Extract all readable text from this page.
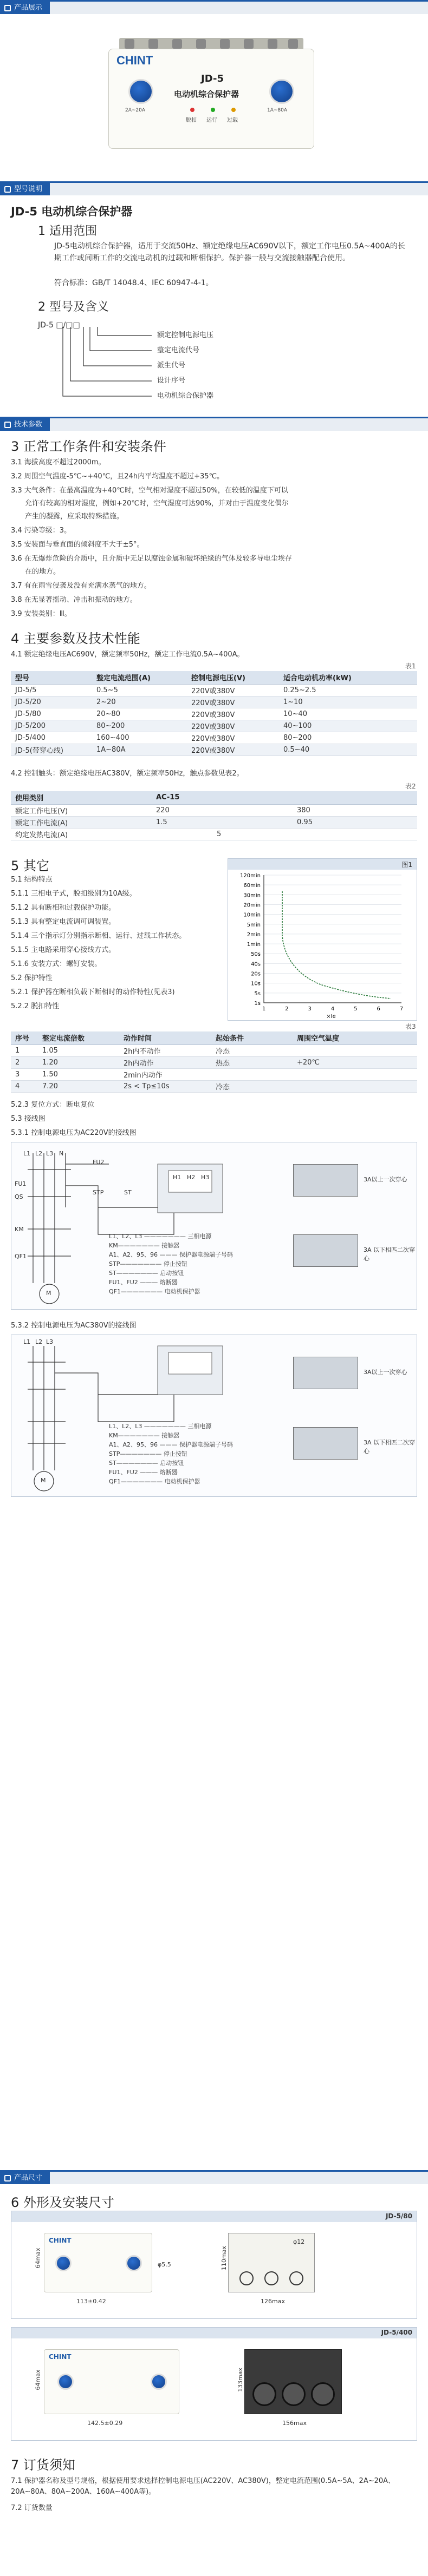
产品展示
CHINT
JD-5
电动机综合保护器
2A~20A	1A~80A
脱扣 运行 过载
型号说明
JD-5 电动机综合保护器
1 适用范围
JD-5电动机综合保护器，适用于交流50Hz、额定绝缘电压AC690V以下，额定工作电压0.5A~400A的长期工作或间断工作的交流电动机的过载和断相保护。保护器一般与交流接触器配合使用。
符合标准：GB/T 14048.4、IEC 60947-4-1。
2 型号及含义
JD-5 □/□□
额定控制电源电压
整定电流代号
派生代号
设计序号
电动机综合保护器
技术参数
3 正常工作条件和安装条件
3.1 海拔高度不超过2000m。
3.2 周围空气温度-5℃~+40℃，且24h内平均温度不超过+35℃。
3.3 大气条件：在最高温度为+40℃时，空气相对湿度不超过50%，在较低的温度下可以
允许有较高的相对湿度，例如+20℃时，空气湿度可达90%，并对由于温度变化偶尔
产生的凝露，应采取特殊措施。
3.4 污染等级：3。
3.5 安装面与垂直面的倾斜度不大于±5°。
3.6 在无爆炸危险的介质中，且介质中无足以腐蚀金属和破坏绝缘的气体及较多导电尘埃存
在的地方。
3.7 有在雨雪侵袭及没有充满水蒸气的地方。
3.8 在无显著摇动、冲击和振动的地方。
3.9 安装类别：Ⅲ。
4 主要参数及技术性能
4.1 额定绝缘电压AC690V，额定频率50Hz，额定工作电流0.5A~400A。
表1
型号	整定电流范围(A)	控制电源电压(V)	适合电动机功率(kW)
JD-5/5	0.5~5	220V或380V	0.25~2.5
JD-5/20	2~20	220V或380V	1~10
JD-5/80	20~80	220V或380V	10~40
JD-5/200	80~200	220V或380V	40~100
JD-5/400	160~400	220V或380V	80~200
JD-5(带穿心线)	1A~80A	220V或380V	0.5~40
4.2 控制触头：额定绝缘电压AC380V，额定频率50Hz，触点参数见表2。
表2
使用类别	AC-15	
额定工作电压(V)	220	380
额定工作电流(A)	1.5	0.95
约定发热电流(A)	5	
5 其它
5.1 结构特点
5.1.1 三相电子式，脱扣级别为10A级。
5.1.2 具有断相和过载保护功能。
5.1.3 具有整定电流调可调装置。
5.1.4 三个指示灯分别指示断相、运行、过载工作状态。
5.1.5 主电路采用穿心接线方式。
5.1.6 安装方式：螺钉安装。
5.2 保护特性
5.2.1 保护器在断相负载下断相时的动作特性(见表3)
5.2.2 脱扣特性
图1
120min
60min
30min
20min
10min
5min
2min
1min
50s
40s
20s
10s
5s
1s
1	2	3	4	5	6	7
×Ie
表3
序号	整定电流倍数	动作时间	起始条件	周围空气温度
1	1.05	2h内不动作	冷态	
2	1.20	2h内动作	热态	+20℃
3	1.50	2min内动作		
4	7.20	2s < Tp≤10s	冷态	
5.2.3 复位方式：断电复位
5.3 接线图
5.3.1 控制电源电压为AC220V的接线图
L1 L2 L3 N
FU1
QS
KM
QF1
STP	ST
FU2
M
H1 H2 H3
L1、L2、L3 ——————— 三相电源
KM——————— 接触器
A1、A2、95、96 ——— 保护器电源端子号码
STP——————— 停止按钮
ST——————— 启动按钮
FU1、FU2 ——— 熔断器
QF1——————— 电动机保护器
3A以上一次穿心
3A 以下相匹二次穿心
5.3.2 控制电源电压为AC380V的接线图
L1 L2 L3
M
L1、L2、L3 ——————— 三相电源
KM——————— 接触器
A1、A2、95、96 ——— 保护器电源端子号码
STP——————— 停止按钮
ST——————— 启动按钮
FU1、FU2 ——— 熔断器
QF1——————— 电动机保护器
3A以上一次穿心
3A 以下相匹二次穿心
产品尺寸
6 外形及安装尺寸
JD-5/80
CHINT
64max
113±0.42
φ5.5	110max
126max
φ12
JD-5/400
CHINT
64max
142.5±0.29
133max
156max
7 订货须知
7.1 保护器名称及型号规格，根据使用要求选择控制电源电压(AC220V、AC380V)，整定电流范围(0.5A~5A、2A~20A、20A~80A、80A~200A、160A~400A等)。
7.2 订货数量
